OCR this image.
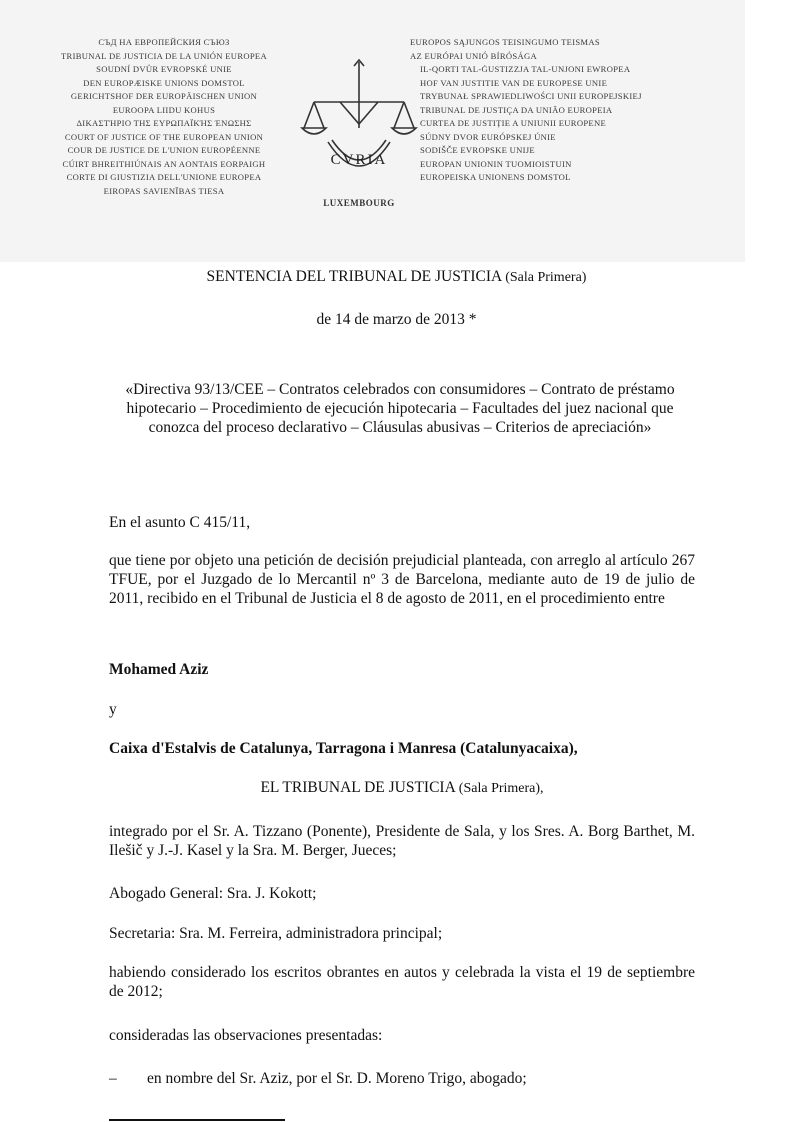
СЪД НА ЕВРОПЕЙСКИЯ СЪЮЗ
TRIBUNAL DE JUSTICIA DE LA UNIÓN EUROPEA
SOUDNÍ DVŮR EVROPSKÉ UNIE
DEN EUROPÆISKE UNIONS DOMSTOL
GERICHTSHOF DER EUROPÄISCHEN UNION
EUROOPA LIIDU KOHUS
ΔΙΚΑΣΤΉΡΙΟ ΤΗΣ ΕΥΡΩΠΑΪΚΉΣ ΈΝΩΣΗΣ
COURT OF JUSTICE OF THE EUROPEAN UNION
COUR DE JUSTICE DE L'UNION EUROPÉENNE
CÚIRT BHREITHIÚNAIS AN AONTAIS EORPAIGH
CORTE DI GIUSTIZIA DELL'UNIONE EUROPEA
EIROPAS SAVIENĪBAS TIESA
CVRIA
LUXEMBOURG
EUROPOS SĄJUNGOS TEISINGUMO TEISMAS
AZ EURÓPAI UNIÓ BÍRÓSÁGA
IL-QORTI TAL-ĠUSTIZZJA TAL-UNJONI EWROPEA
HOF VAN JUSTITIE VAN DE EUROPESE UNIE
TRYBUNAŁ SPRAWIEDLIWOŚCI UNII EUROPEJSKIEJ
TRIBUNAL DE JUSTIÇA DA UNIÃO EUROPEIA
CURTEA DE JUSTIȚIE A UNIUNII EUROPENE
SÚDNY DVOR EURÓPSKEJ ÚNIE
SODIŠČE EVROPSKE UNIJE
EUROPAN UNIONIN TUOMIOISTUIN
EUROPEISKA UNIONENS DOMSTOL
SENTENCIA DEL TRIBUNAL DE JUSTICIA (Sala Primera)
de 14 de marzo de 2013 *
«Directiva 93/13/CEE – Contratos celebrados con consumidores – Contrato de préstamo hipotecario – Procedimiento de ejecución hipotecaria – Facultades del juez nacional que conozca del proceso declarativo – Cláusulas abusivas – Criterios de apreciación»
En el asunto C 415/11,
que tiene por objeto una petición de decisión prejudicial planteada, con arreglo al artículo 267 TFUE, por el Juzgado de lo Mercantil nº 3 de Barcelona, mediante auto de 19 de julio de 2011, recibido en el Tribunal de Justicia el 8 de agosto de 2011, en el procedimiento entre
Mohamed Aziz
y
Caixa d'Estalvis de Catalunya, Tarragona i Manresa (Catalunyacaixa),
EL TRIBUNAL DE JUSTICIA (Sala Primera),
integrado por el Sr. A. Tizzano (Ponente), Presidente de Sala, y los Sres. A. Borg Barthet, M. Ilešič y J.-J. Kasel y la Sra. M. Berger, Jueces;
Abogado General: Sra. J. Kokott;
Secretaria: Sra. M. Ferreira, administradora principal;
habiendo considerado los escritos obrantes en autos y celebrada la vista el 19 de septiembre de 2012;
consideradas las observaciones presentadas:
– en nombre del Sr. Aziz, por el Sr. D. Moreno Trigo, abogado;
